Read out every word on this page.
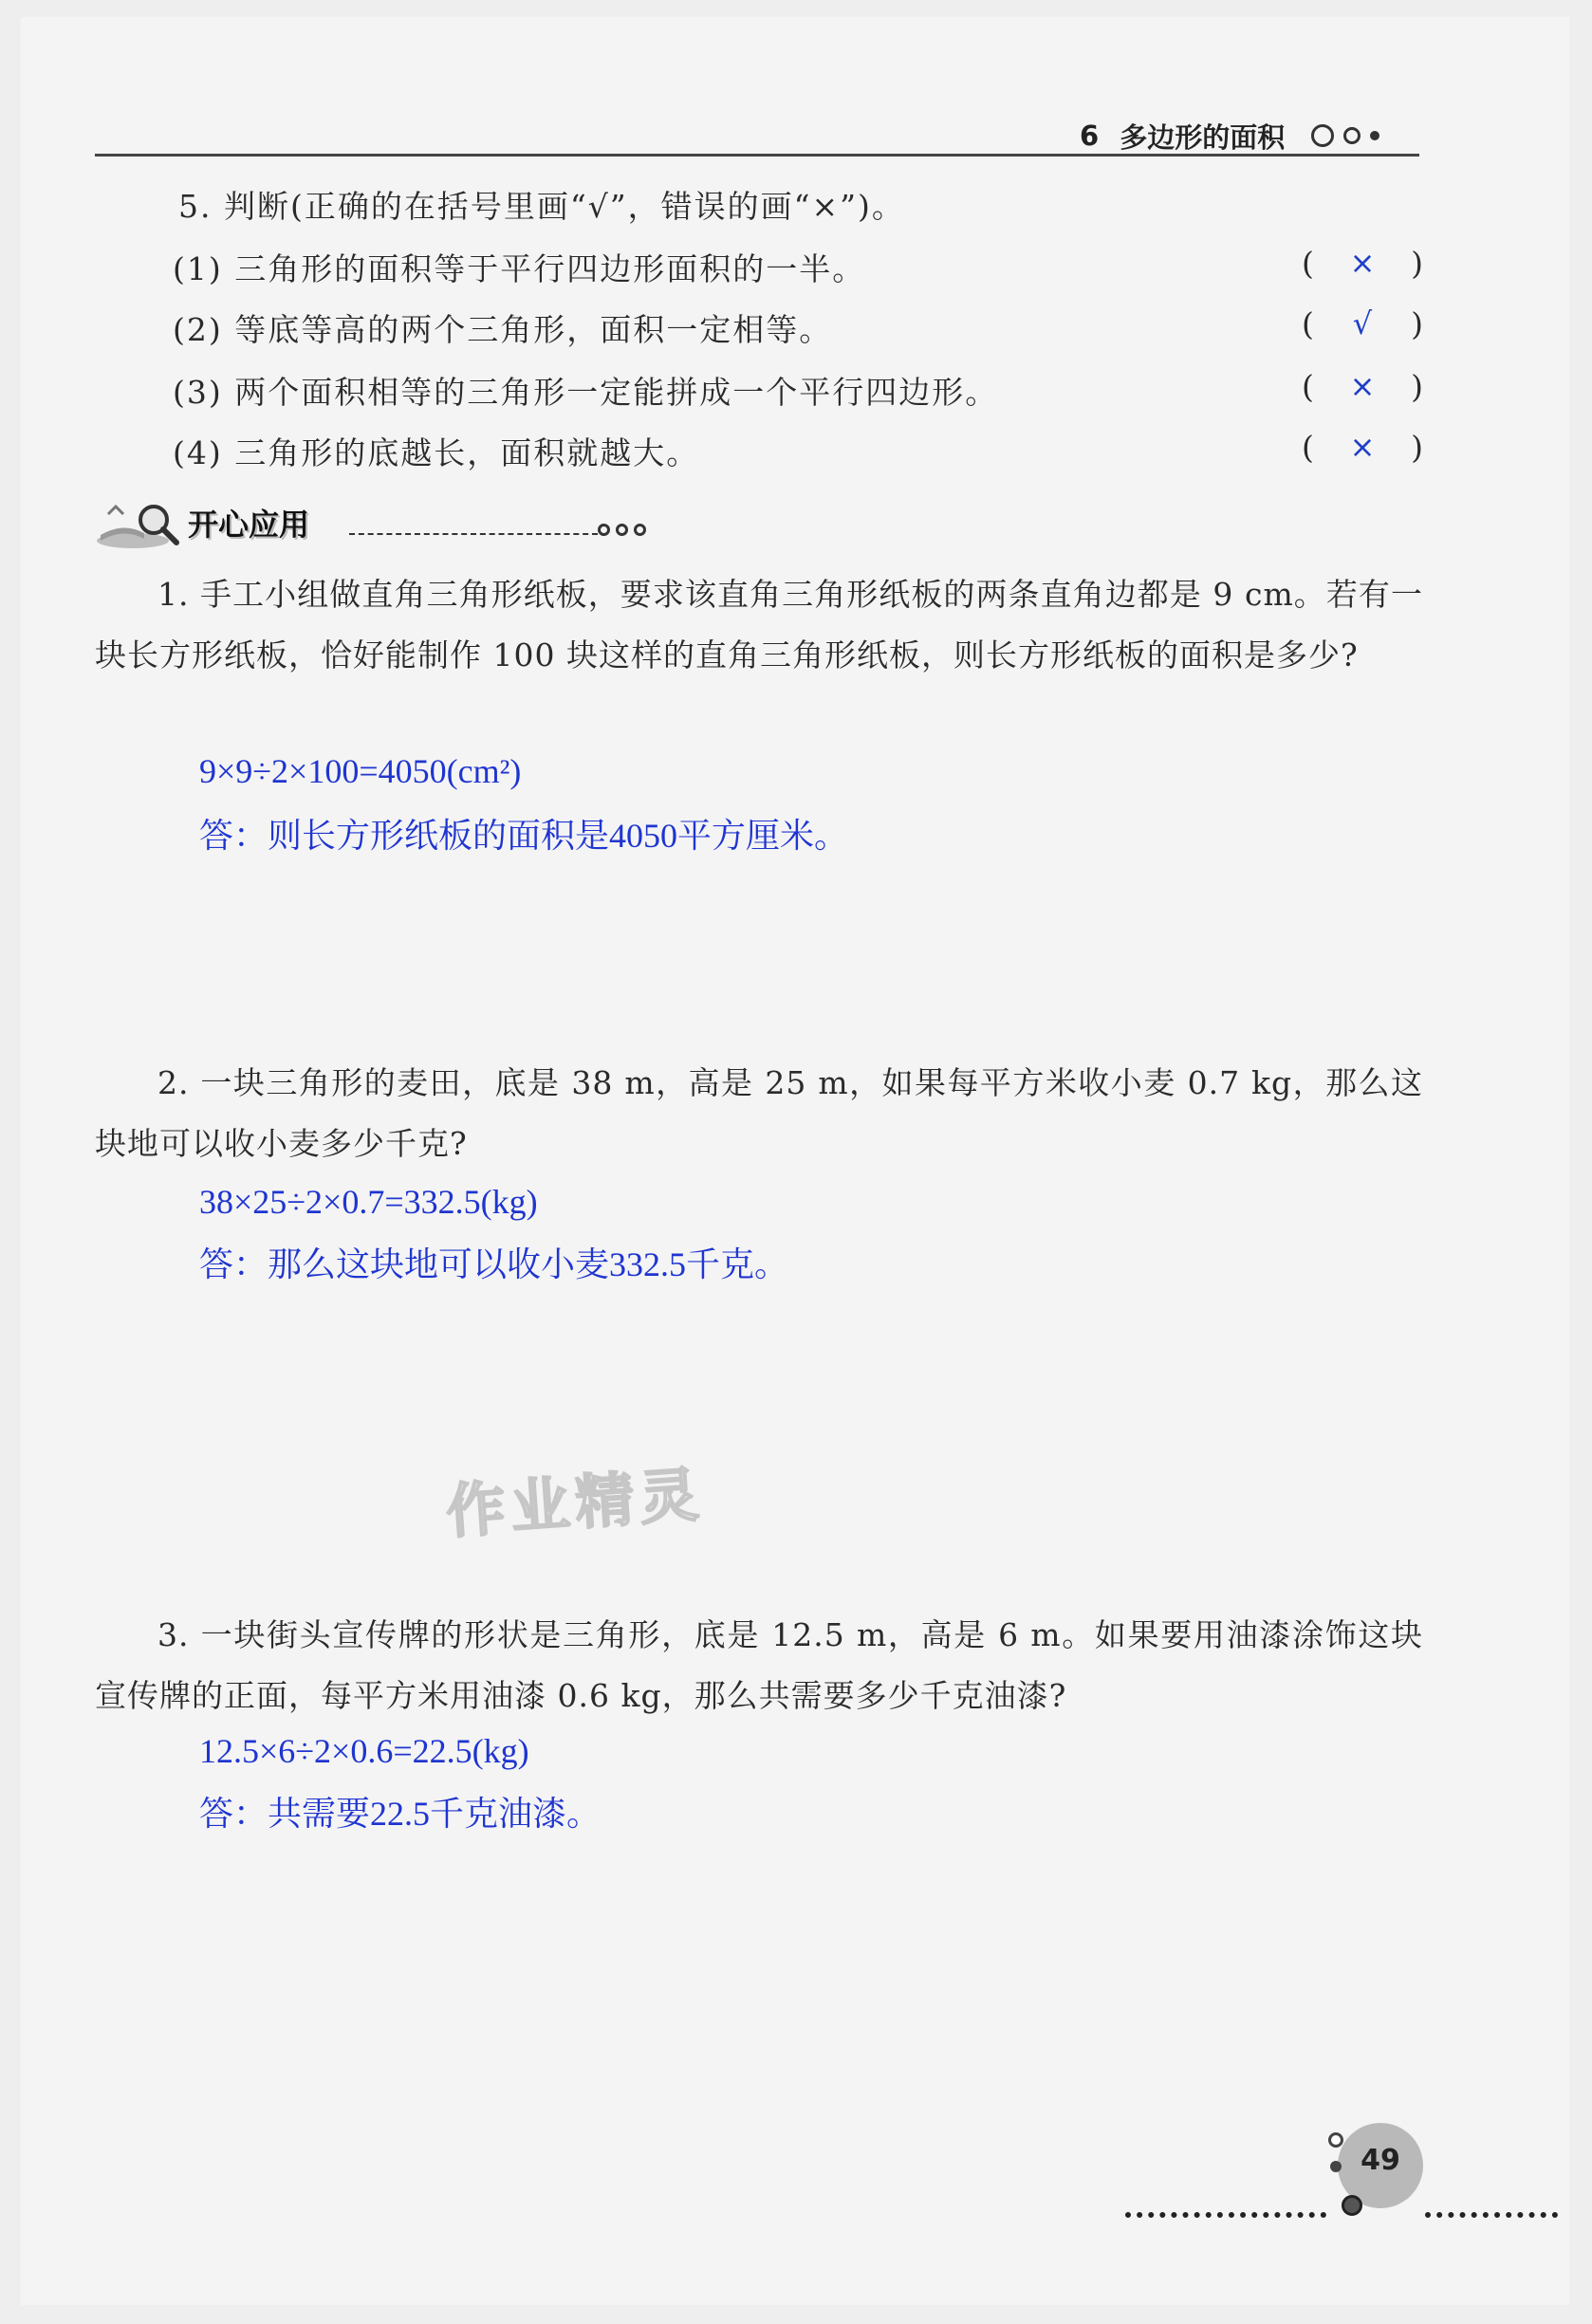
6 多边形的面积
5. 判断(正确的在括号里画“√”，错误的画“×”)。
(1) 三角形的面积等于平行四边形面积的一半。	( × )
(2) 等底等高的两个三角形，面积一定相等。	( √ )
(3) 两个面积相等的三角形一定能拼成一个平行四边形。	( × )
(4) 三角形的底越长，面积就越大。	( × )
开心应用
1. 手工小组做直角三角形纸板，要求该直角三角形纸板的两条直角边都是 9 cm。若有一块长方形纸板，恰好能制作 100 块这样的直角三角形纸板，则长方形纸板的面积是多少?
9×9÷2×100=4050(cm²)
答：则长方形纸板的面积是4050平方厘米。
2. 一块三角形的麦田，底是 38 m，高是 25 m，如果每平方米收小麦 0.7 kg，那么这块地可以收小麦多少千克?
38×25÷2×0.7=332.5(kg)
答：那么这块地可以收小麦332.5千克。
作业精灵
3. 一块街头宣传牌的形状是三角形，底是 12.5 m，高是 6 m。如果要用油漆涂饰这块宣传牌的正面，每平方米用油漆 0.6 kg，那么共需要多少千克油漆?
12.5×6÷2×0.6=22.5(kg)
答：共需要22.5千克油漆。
49
